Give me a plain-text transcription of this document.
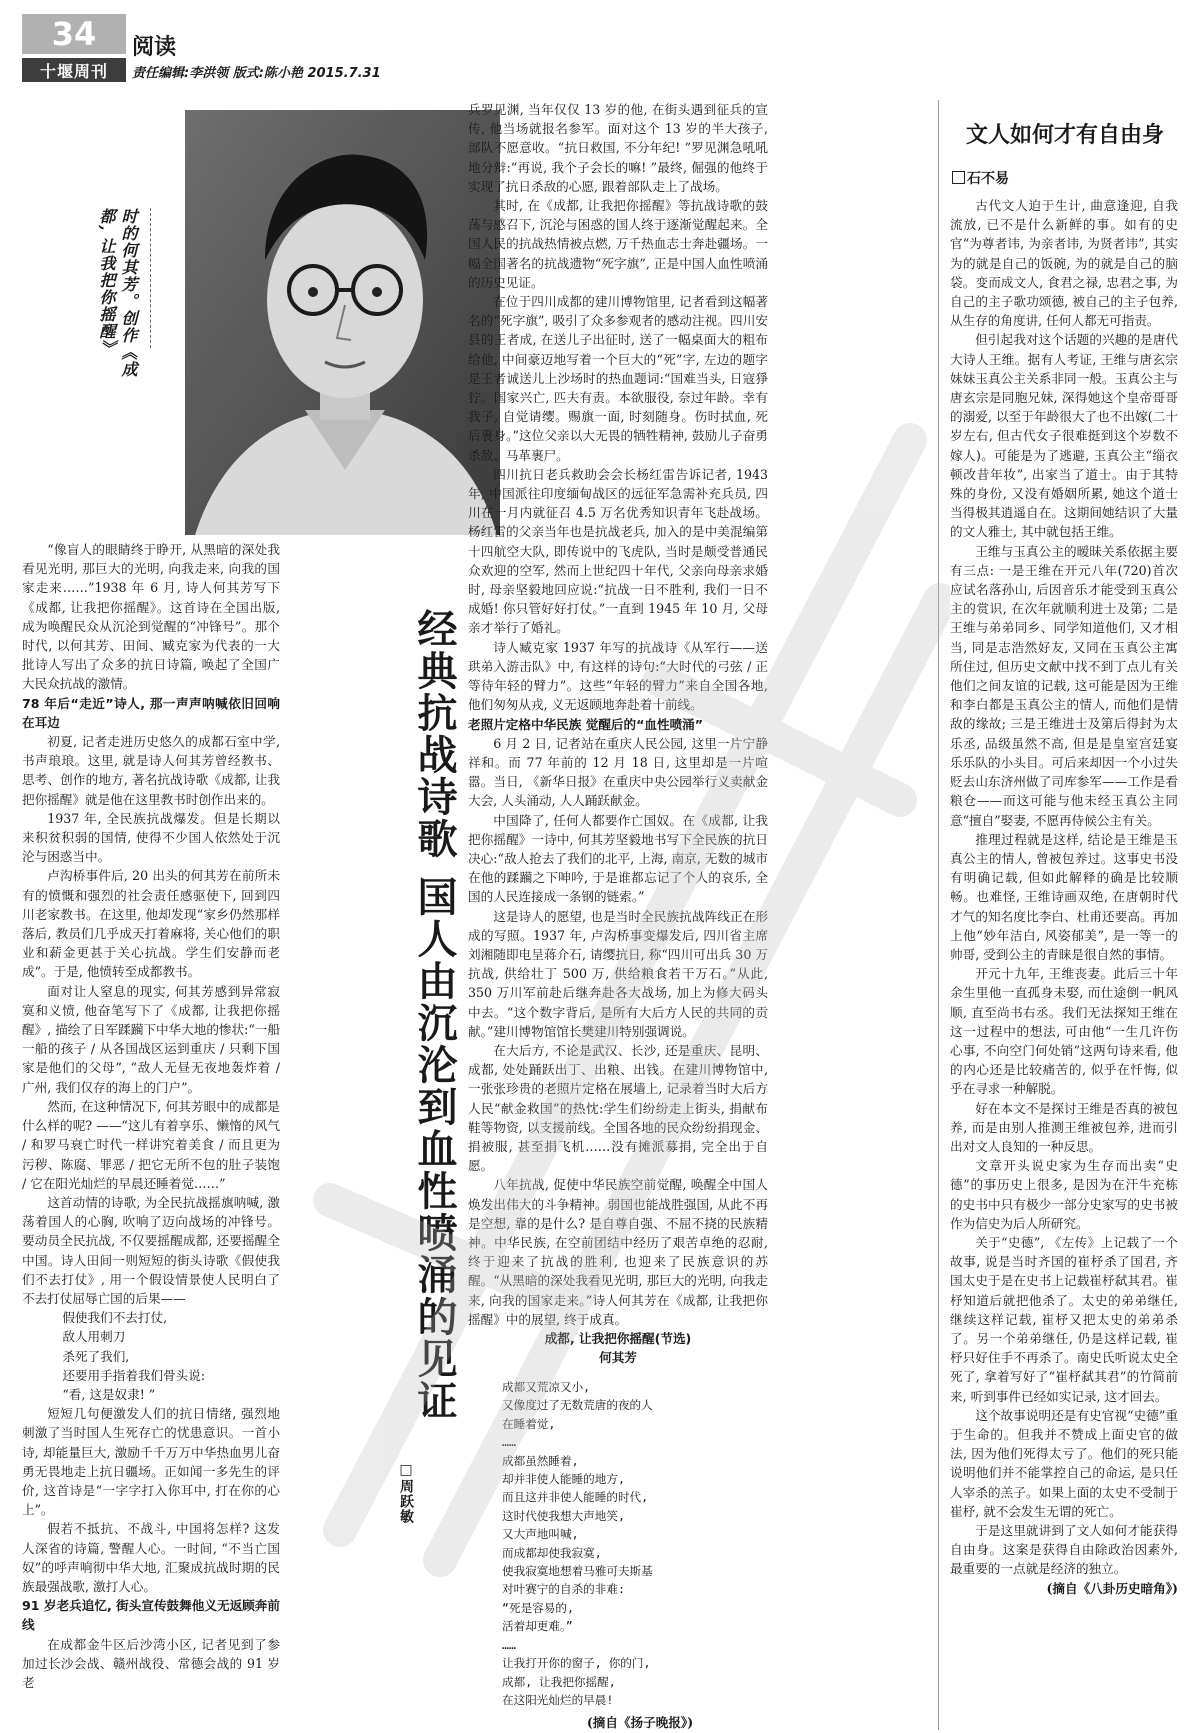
34
十堰周刊
阅读
责任编辑:李洪领 版式:陈小艳 2015.7.31
时的何其芳。创作《成都, 让我把你摇醒》

“像盲人的眼睛终于睁开, 从黑暗的深处我看见光明, 那巨大的光明, 向我走来, 向我的国家走来……”1938 年 6 月, 诗人何其芳写下《成都, 让我把你摇醒》。这首诗在全国出版, 成为唤醒民众从沉沦到觉醒的“冲锋号”。那个时代, 以何其芳、田间、臧克家为代表的一大批诗人写出了众多的抗日诗篇, 唤起了全国广大民众抗战的激情。

78 年后“走近”诗人, 那一声声呐喊依旧回响在耳边

初夏, 记者走进历史悠久的成都石室中学, 书声琅琅。这里, 就是诗人何其芳曾经教书、思考、创作的地方, 著名抗战诗歌《成都, 让我把你摇醒》就是他在这里教书时创作出来的。

1937 年, 全民族抗战爆发。但是长期以来积贫积弱的国情, 使得不少国人依然处于沉沦与困惑当中。

卢沟桥事件后, 20 出头的何其芳在前所未有的愤慨和强烈的社会责任感驱使下, 回到四川老家教书。在这里, 他却发现“家乡仍然那样落后, 教员们几乎成天打着麻将, 关心他们的职业和薪金更甚于关心抗战。学生们安静而老成”。于是, 他愤转至成都教书。

面对让人窒息的现实, 何其芳感到异常寂寞和义愤, 他奋笔写下了《成都, 让我把你摇醒》, 描绘了日军蹂躏下中华大地的惨状:“一船一船的孩子 / 从各国战区运到重庆 / 只剩下国家是他们的父母”, “敌人无昼无夜地轰炸着 / 广州, 我们仅存的海上的门户”。

然而, 在这种情况下, 何其芳眼中的成都是什么样的呢? ——“这儿有着享乐、懒惰的风气 / 和罗马衰亡时代一样讲究着美食 / 而且更为污秽、陈腐、罪恶 / 把它无所不包的肚子装饱 / 它在阳光灿烂的早晨还睡着觉……”

这首动情的诗歌, 为全民抗战摇旗呐喊, 激荡着国人的心胸, 吹响了迈向战场的冲锋号。要动员全民抗战, 不仅要摇醒成都, 还要摇醒全中国。诗人田间一则短短的街头诗歌《假使我们不去打仗》, 用一个假设情景使人民明白了不去打仗屈辱亡国的后果——

假使我们不去打仗,

敌人用刺刀

杀死了我们,

还要用手指着我们骨头说:

“看, 这是奴隶! ”

短短几句便激发人们的抗日情绪, 强烈地刺激了当时国人生死存亡的忧患意识。一首小诗, 却能量巨大, 激励千千万万中华热血男儿奋勇无畏地走上抗日疆场。正如闻一多先生的评价, 这首诗是“一字字打入你耳中, 打在你的心上”。

假若不抵抗、不战斗, 中国将怎样? 这发人深省的诗篇, 警醒人心。一时间, “不当亡国奴”的呼声响彻中华大地, 汇聚成抗战时期的民族最强战歌, 激打人心。

91 岁老兵追忆, 街头宣传鼓舞他义无返顾奔前线

在成都金牛区后沙湾小区, 记者见到了参加过长沙会战、赣州战役、常德会战的 91 岁老

经典抗战诗歌 国人由沉沦到血性喷涌的见证
□周跃敏

兵罗见渊, 当年仅仅 13 岁的他, 在街头遇到征兵的宣传, 他当场就报名参军。面对这个 13 岁的半大孩子, 部队不愿意收。“抗日救国, 不分年纪! ”罗见渊急吼吼地分辩:“再说, 我个子会长的嘛! ”最终, 倔强的他终于实现了抗日杀敌的心愿, 跟着部队走上了战场。

其时, 在《成都, 让我把你摇醒》等抗战诗歌的鼓荡与感召下, 沉沦与困惑的国人终于逐渐觉醒起来。全国人民的抗战热情被点燃, 万千热血志士奔赴疆场。一幅全国著名的抗战遗物“死字旗”, 正是中国人血性喷涌的历史见证。

在位于四川成都的建川博物馆里, 记者看到这幅著名的“死字旗”, 吸引了众多参观者的感动注视。四川安县的王者成, 在送儿子出征时, 送了一幅桌面大的粗布给他, 中间豪迈地写着一个巨大的“死”字, 左边的题字是王者诚送儿上沙场时的热血题词:“国难当头, 日寇猙狞。国家兴亡, 匹夫有责。本欲服役, 奈过年龄。幸有我子, 自觉请缨。赐旗一面, 时刻随身。伤时拭血, 死后裹身。”这位父亲以大无畏的牺牲精神, 鼓励儿子奋勇杀敌、马革裹尸。

四川抗日老兵救助会会长杨红雷告诉记者, 1943 年, 中国派往印度缅甸战区的远征军急需补充兵员, 四川在一月内就征召 4.5 万名优秀知识青年飞赴战场。杨红雷的父亲当年也是抗战老兵, 加入的是中美混编第十四航空大队, 即传说中的飞虎队, 当时是颇受普通民众欢迎的空军, 然而上世纪四十年代, 父亲向母亲求婚时, 母亲坚毅地回应说:“抗战一日不胜利, 我们一日不成婚! 你只管好好打仗。”一直到 1945 年 10 月, 父母亲才举行了婚礼。

诗人臧克家 1937 年写的抗战诗《从军行——送珙弟入游击队》中, 有这样的诗句:“大时代的弓弦 / 正等待年轻的臂力”。这些“年轻的臂力”来自全国各地, 他们匆匆从戎, 义无返顾地奔赴着十前线。

老照片定格中华民族 觉醒后的“血性喷涌”

6 月 2 日, 记者站在重庆人民公园, 这里一片宁静祥和。而 77 年前的 12 月 18 日, 这里却是一片喧嚣。当日, 《新华日报》在重庆中央公园举行义卖献金大会, 人头涌动, 人人踊跃献金。

中国降了, 任何人都要作亡国奴。在《成都, 让我把你摇醒》一诗中, 何其芳坚毅地书写下全民族的抗日决心:“敌人抢去了我们的北平, 上海, 南京, 无数的城市在他的蹂躏之下呻吟, 于是谁都忘记了个人的哀乐, 全国的人民连接成一条钢的链索。”

这是诗人的愿望, 也是当时全民族抗战阵线正在形成的写照。1937 年, 卢沟桥事变爆发后, 四川省主席刘湘随即电呈蒋介石, 请缨抗日, 称“四川可出兵 30 万抗战, 供给壮丁 500 万, 供给粮食若干万石。”从此, 350 万川军前赴后继奔赴各大战场, 加上为修大码头中去。“这个数字背后, 是所有大后方人民的共同的贡献。”建川博物馆馆长樊建川特别强调说。

在大后方, 不论是武汉、长沙, 还是重庆、昆明、成都, 处处踊跃出丁、出粮、出钱。在建川博物馆中, 一张张珍贵的老照片定格在展墙上, 记录着当时大后方人民“献金救国”的热忱:学生们纷纷走上街头, 捐献布鞋等物资, 以支援前线。全国各地的民众纷纷捐现金、捐被服, 甚至捐飞机……没有摊派募捐, 完全出于自愿。

八年抗战, 促使中华民族空前觉醒, 唤醒全中国人焕发出伟大的斗争精神。弱国也能战胜强国, 从此不再是空想, 靠的是什么? 是自尊自强、不屈不挠的民族精神。中华民族, 在空前团结中经历了艰苦卓绝的忍耐, 终于迎来了抗战的胜利, 也迎来了民族意识的苏醒。“从黑暗的深处我看见光明, 那巨大的光明, 向我走来, 向我的国家走来。”诗人何其芳在《成都, 让我把你摇醒》中的展望, 终于成真。

成都, 让我把你摇醒(节选)

何其芳

成都又荒凉又小,
又像度过了无数荒唐的夜的人
在睡着觉,
……
成都虽然睡着,
却并非使人能睡的地方,
而且这并非使人能睡的时代,
这时代使我想大声地笑,
又大声地叫喊,
而成都却使我寂寞,
使我寂寞地想着马雅可夫斯基
对叶赛宁的自杀的非难:
“死是容易的,
活着却更难。”
……
让我打开你的窗子, 你的门,
成都, 让我把你摇醒,
在这阳光灿烂的早晨!

(摘自《扬子晚报》)

文人如何才有自由身
石不易

古代文人迫于生计, 曲意逢迎, 自我流放, 已不是什么新鲜的事。如有的史官“为尊者讳, 为亲者讳, 为贤者讳”, 其实为的就是自己的饭碗, 为的就是自己的脑袋。变而成文人, 食君之禄, 忠君之事, 为自己的主子歌功颂德, 被自己的主子包养, 从生存的角度讲, 任何人都无可指责。

但引起我对这个话题的兴趣的是唐代大诗人王维。据有人考证, 王维与唐玄宗妹妹玉真公主关系非同一般。玉真公主与唐玄宗是同胞兄妹, 深得她这个皇帝哥哥的溺爱, 以至于年龄很大了也不出嫁(二十岁左右, 但古代女子很难挺到这个岁数不嫁人)。可能是为了逃避, 玉真公主“缁衣顿改昔年妆”, 出家当了道士。由于其特殊的身份, 又没有婚姻所累, 她这个道士当得极其逍遥自在。这期间她结识了大量的文人雅士, 其中就包括王维。

王维与玉真公主的暧昧关系依据主要有三点: 一是王维在开元八年(720)首次应试名落孙山, 后因音乐才能受到玉真公主的赏识, 在次年就顺利进士及第; 二是王维与弟弟同乡、同学知道他们, 又才相当, 同是志浩然好友, 又同在玉真公主寓所住过, 但历史文献中找不到丁点儿有关他们之间友谊的记载, 这可能是因为王维和李白都是玉真公主的情人, 而他们是情敌的缘故; 三是王维进士及第后得封为太乐丞, 品级虽然不高, 但是是皇室宫廷宴乐乐队的小头目。可后来却因一个小过失贬去山东济州做了司库参军——工作是看粮仓——而这可能与他未经玉真公主同意“擅自”娶妻, 不愿再侍候公主有关。

推理过程就是这样, 结论是王维是玉真公主的情人, 曾被包养过。这事史书没有明确记载, 但如此解释的确是比较顺畅。也难怪, 王维诗画双绝, 在唐朝时代才气的知名度比李白、杜甫还要高。再加上他“妙年洁白, 风姿郁美”, 是一等一的帅哥, 受到公主的青睐是很自然的事情。

开元十九年, 王维丧妻。此后三十年余生里他一直孤身未娶, 而仕途倒一帆风顺, 直至尚书右丞。我们无法探知王维在这一过程中的想法, 可由他“一生几许伤心事, 不向空门何处销”这两句诗来看, 他的内心还是比较痛苦的, 似乎在忏悔, 似乎在寻求一种解脱。

好在本文不是探讨王维是否真的被包养, 而是由别人推测王维被包养, 进而引出对文人良知的一种反思。

文章开头说史家为生存而出卖“史德”的事历史上很多, 是因为在汗牛充栋的史书中只有极少一部分史家写的史书被作为信史为后人所研究。

关于“史德”, 《左传》上记载了一个故事, 说是当时齐国的崔杼杀了国君, 齐国太史于是在史书上记载崔杼弑其君。崔杼知道后就把他杀了。太史的弟弟继任, 继续这样记载, 崔杼又把太史的弟弟杀了。另一个弟弟继任, 仍是这样记载, 崔杼只好住手不再杀了。南史氏听说太史全死了, 拿着写好了“崔杼弑其君”的竹简前来, 听到事件已经如实记录, 这才回去。

这个故事说明还是有史官视“史德”重于生命的。但我并不赞成上面史官的做法, 因为他们死得太亏了。他们的死只能说明他们并不能掌控自己的命运, 是只任人宰杀的羔子。如果上面的太史不受制于崔杼, 就不会发生无谓的死亡。

于是这里就讲到了文人如何才能获得自由身。这案是获得自由除政治因素外, 最重要的一点就是经济的独立。

(摘自《八卦历史暗角》)
